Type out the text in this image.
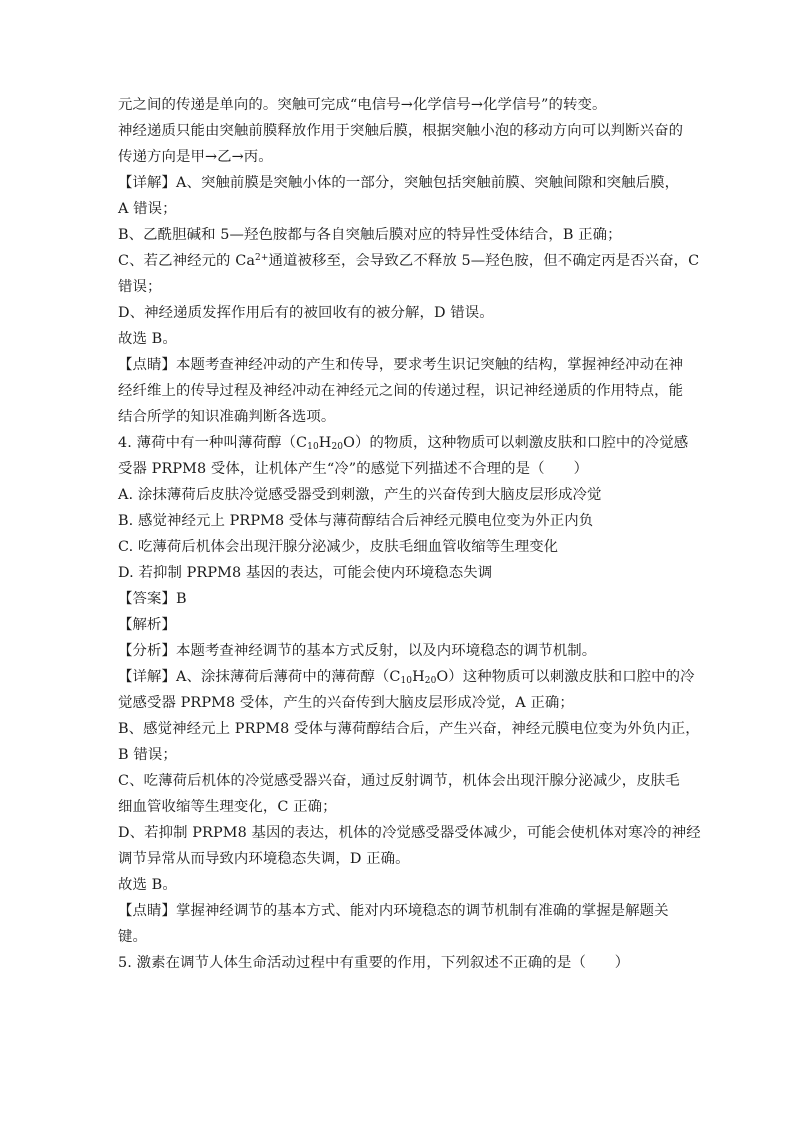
元之间的传递是单向的。突触可完成“电信号→化学信号→化学信号”的转变。
神经递质只能由突触前膜释放作用于突触后膜，根据突触小泡的移动方向可以判断兴奋的
传递方向是甲→乙→丙。
【详解】A、突触前膜是突触小体的一部分，突触包括突触前膜、突触间隙和突触后膜，
A 错误；
B、乙酰胆碱和 5—羟色胺都与各自突触后膜对应的特异性受体结合，B 正确；
C、若乙神经元的 $Ca^{2+}$通道被移至，会导致乙不释放 5—羟色胺，但不确定丙是否兴奋，C
错误；
D、神经递质发挥作用后有的被回收有的被分解，D 错误。
故选 B。
【点睛】本题考查神经冲动的产生和传导，要求考生识记突触的结构，掌握神经冲动在神
经纤维上的传导过程及神经冲动在神经元之间的传递过程，识记神经递质的作用特点，能
结合所学的知识准确判断各选项。
4. 薄荷中有一种叫薄荷醇$(C_{10}H_{20}O)$的物质，这种物质可以刺激皮肤和口腔中的冷觉感
受器 PRPM8 受体，让机体产生“冷”的感觉下列描述不合理的是（　　）
A. 涂抹薄荷后皮肤冷觉感受器受到刺激，产生的兴奋传到大脑皮层形成冷觉
B. 感觉神经元上 PRPM8 受体与薄荷醇结合后神经元膜电位变为外正内负
C. 吃薄荷后机体会出现汗腺分泌减少，皮肤毛细血管收缩等生理变化
D. 若抑制 PRPM8 基因的表达，可能会使内环境稳态失调
【答案】B
【解析】
【分析】本题考查神经调节的基本方式反射，以及内环境稳态的调节机制。
【详解】A、涂抹薄荷后薄荷中的薄荷醇$(C_{10}H_{20}O)$这种物质可以刺激皮肤和口腔中的冷
觉感受器 PRPM8 受体，产生的兴奋传到大脑皮层形成冷觉，A 正确；
B、感觉神经元上 PRPM8 受体与薄荷醇结合后，产生兴奋，神经元膜电位变为外负内正，
B 错误；
C、吃薄荷后机体的冷觉感受器兴奋，通过反射调节，机体会出现汗腺分泌减少，皮肤毛
细血管收缩等生理变化，C 正确；
D、若抑制 PRPM8 基因的表达，机体的冷觉感受器受体减少，可能会使机体对寒冷的神经
调节异常从而导致内环境稳态失调，D 正确。
故选 B。
【点睛】掌握神经调节的基本方式、能对内环境稳态的调节机制有准确的掌握是解题关
键。
5. 激素在调节人体生命活动过程中有重要的作用，下列叙述不正确的是（　　）
